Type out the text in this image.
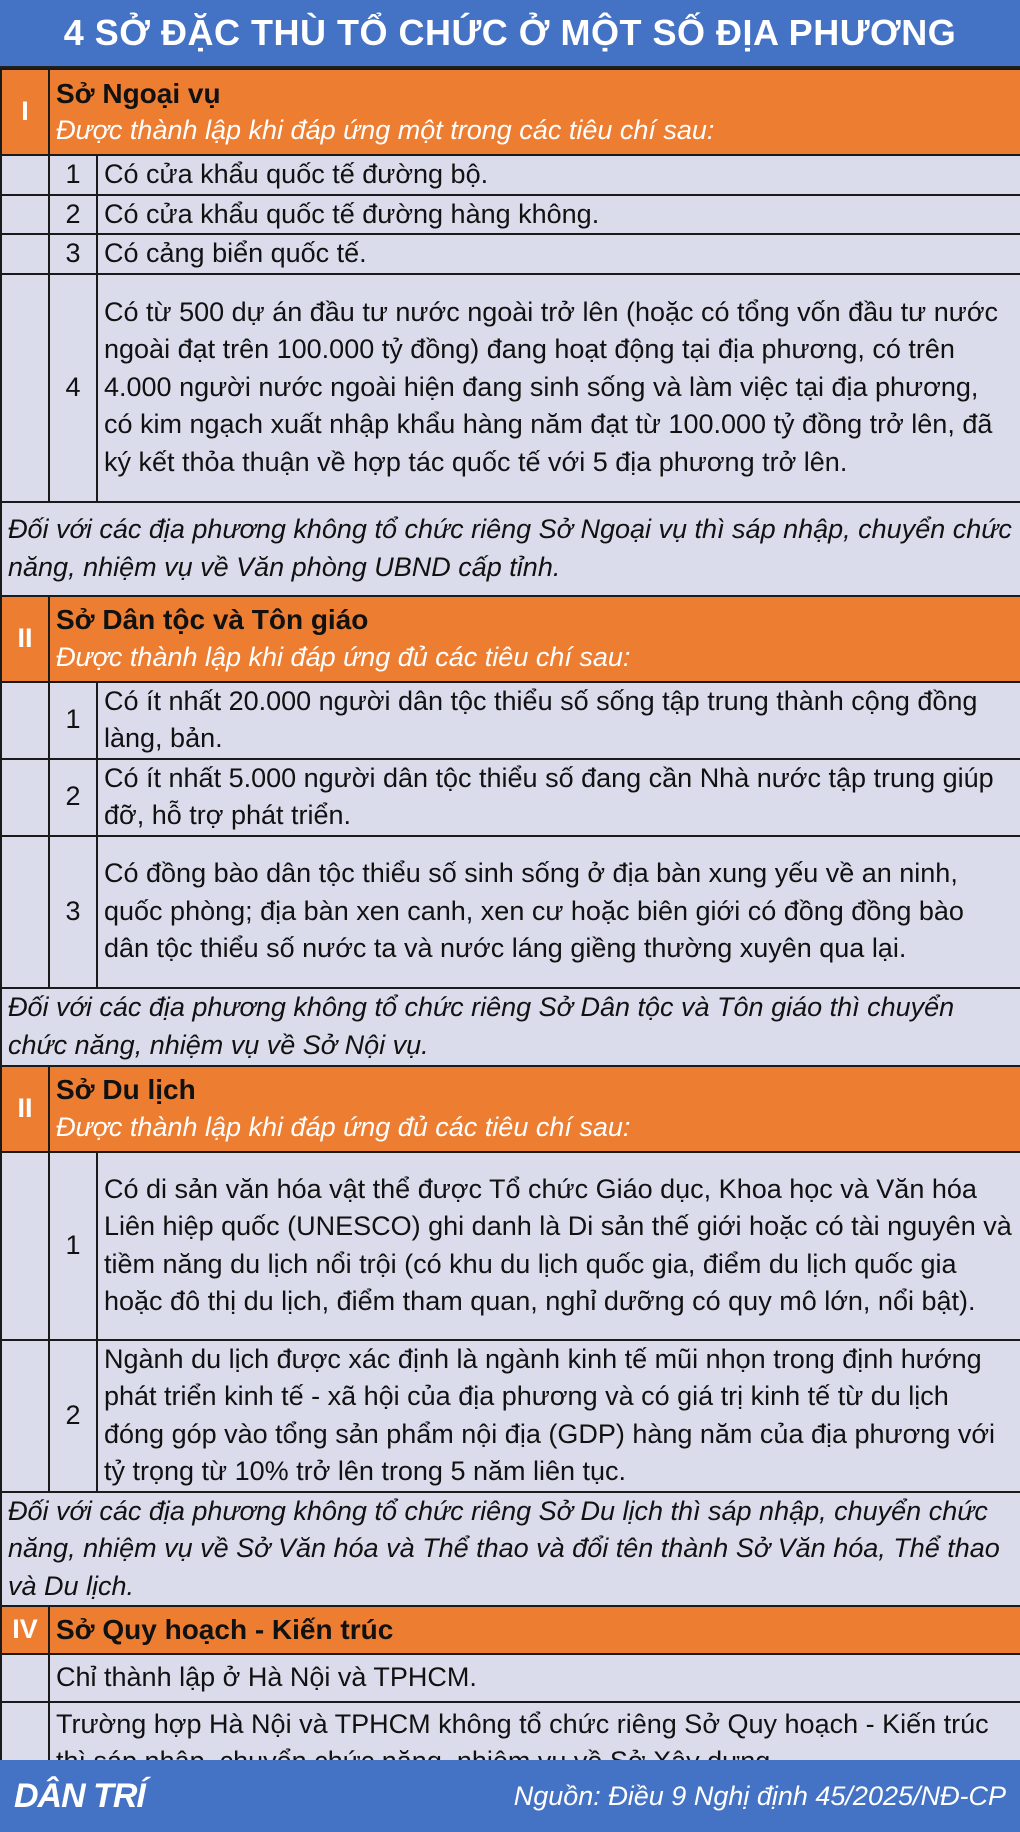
4 SỞ ĐẶC THÙ TỔ CHỨC Ở MỘT SỐ ĐỊA PHƯƠNG
I	Sở Ngoại vụ
Được thành lập khi đáp ứng một trong các tiêu chí sau:	

	1	Có cửa khẩu quốc tế đường bộ.
	2	Có cửa khẩu quốc tế đường hàng không.
	3	Có cảng biển quốc tế.
	4	Có từ 500 dự án đầu tư nước ngoài trở lên (hoặc có tổng vốn đầu tư nước ngoài đạt trên 100.000 tỷ đồng) đang hoạt động tại địa phương, có trên 4.000 người nước ngoài hiện đang sinh sống và làm việc tại địa phương, có kim ngạch xuất nhập khẩu hàng năm đạt từ 100.000 tỷ đồng trở lên, đã ký kết thỏa thuận về hợp tác quốc tế với 5 địa phương trở lên.
Đối với các địa phương không tổ chức riêng Sở Ngoại vụ thì sáp nhập, chuyển chức năng, nhiệm vụ về Văn phòng UBND cấp tỉnh.		
II	Sở Dân tộc và Tôn giáo
Được thành lập khi đáp ứng đủ các tiêu chí sau:	

	1	Có ít nhất 20.000 người dân tộc thiểu số sống tập trung thành cộng đồng làng, bản.
	2	Có ít nhất 5.000 người dân tộc thiểu số đang cần Nhà nước tập trung giúp đỡ, hỗ trợ phát triển.
	3	Có đồng bào dân tộc thiểu số sinh sống ở địa bàn xung yếu về an ninh, quốc phòng; địa bàn xen canh, xen cư hoặc biên giới có đồng đồng bào dân tộc thiểu số nước ta và nước láng giềng thường xuyên qua lại.
Đối với các địa phương không tổ chức riêng Sở Dân tộc và Tôn giáo thì chuyển chức năng, nhiệm vụ về Sở Nội vụ.		
II	Sở Du lịch
Được thành lập khi đáp ứng đủ các tiêu chí sau:	

	1	Có di sản văn hóa vật thể được Tổ chức Giáo dục, Khoa học và Văn hóa Liên hiệp quốc (UNESCO) ghi danh là Di sản thế giới hoặc có tài nguyên và tiềm năng du lịch nổi trội (có khu du lịch quốc gia, điểm du lịch quốc gia hoặc đô thị du lịch, điểm tham quan, nghỉ dưỡng có quy mô lớn, nổi bật).
	2	Ngành du lịch được xác định là ngành kinh tế mũi nhọn trong định hướng phát triển kinh tế - xã hội của địa phương và có giá trị kinh tế từ du lịch đóng góp vào tổng sản phẩm nội địa (GDP) hàng năm của địa phương với tỷ trọng từ 10% trở lên trong 5 năm liên tục.
Đối với các địa phương không tổ chức riêng Sở Du lịch thì sáp nhập, chuyển chức năng, nhiệm vụ về Sở Văn hóa và Thể thao và đổi tên thành Sở Văn hóa, Thể thao và Du lịch.		
IV	Sở Quy hoạch - Kiến trúc	

	Chỉ thành lập ở Hà Nội và TPHCM.	
	Trường hợp Hà Nội và TPHCM không tổ chức riêng Sở Quy hoạch - Kiến trúc	
DÂN TRÍ	Nguồn: Điều 9 Nghị định 45/2025/NĐ-CP
